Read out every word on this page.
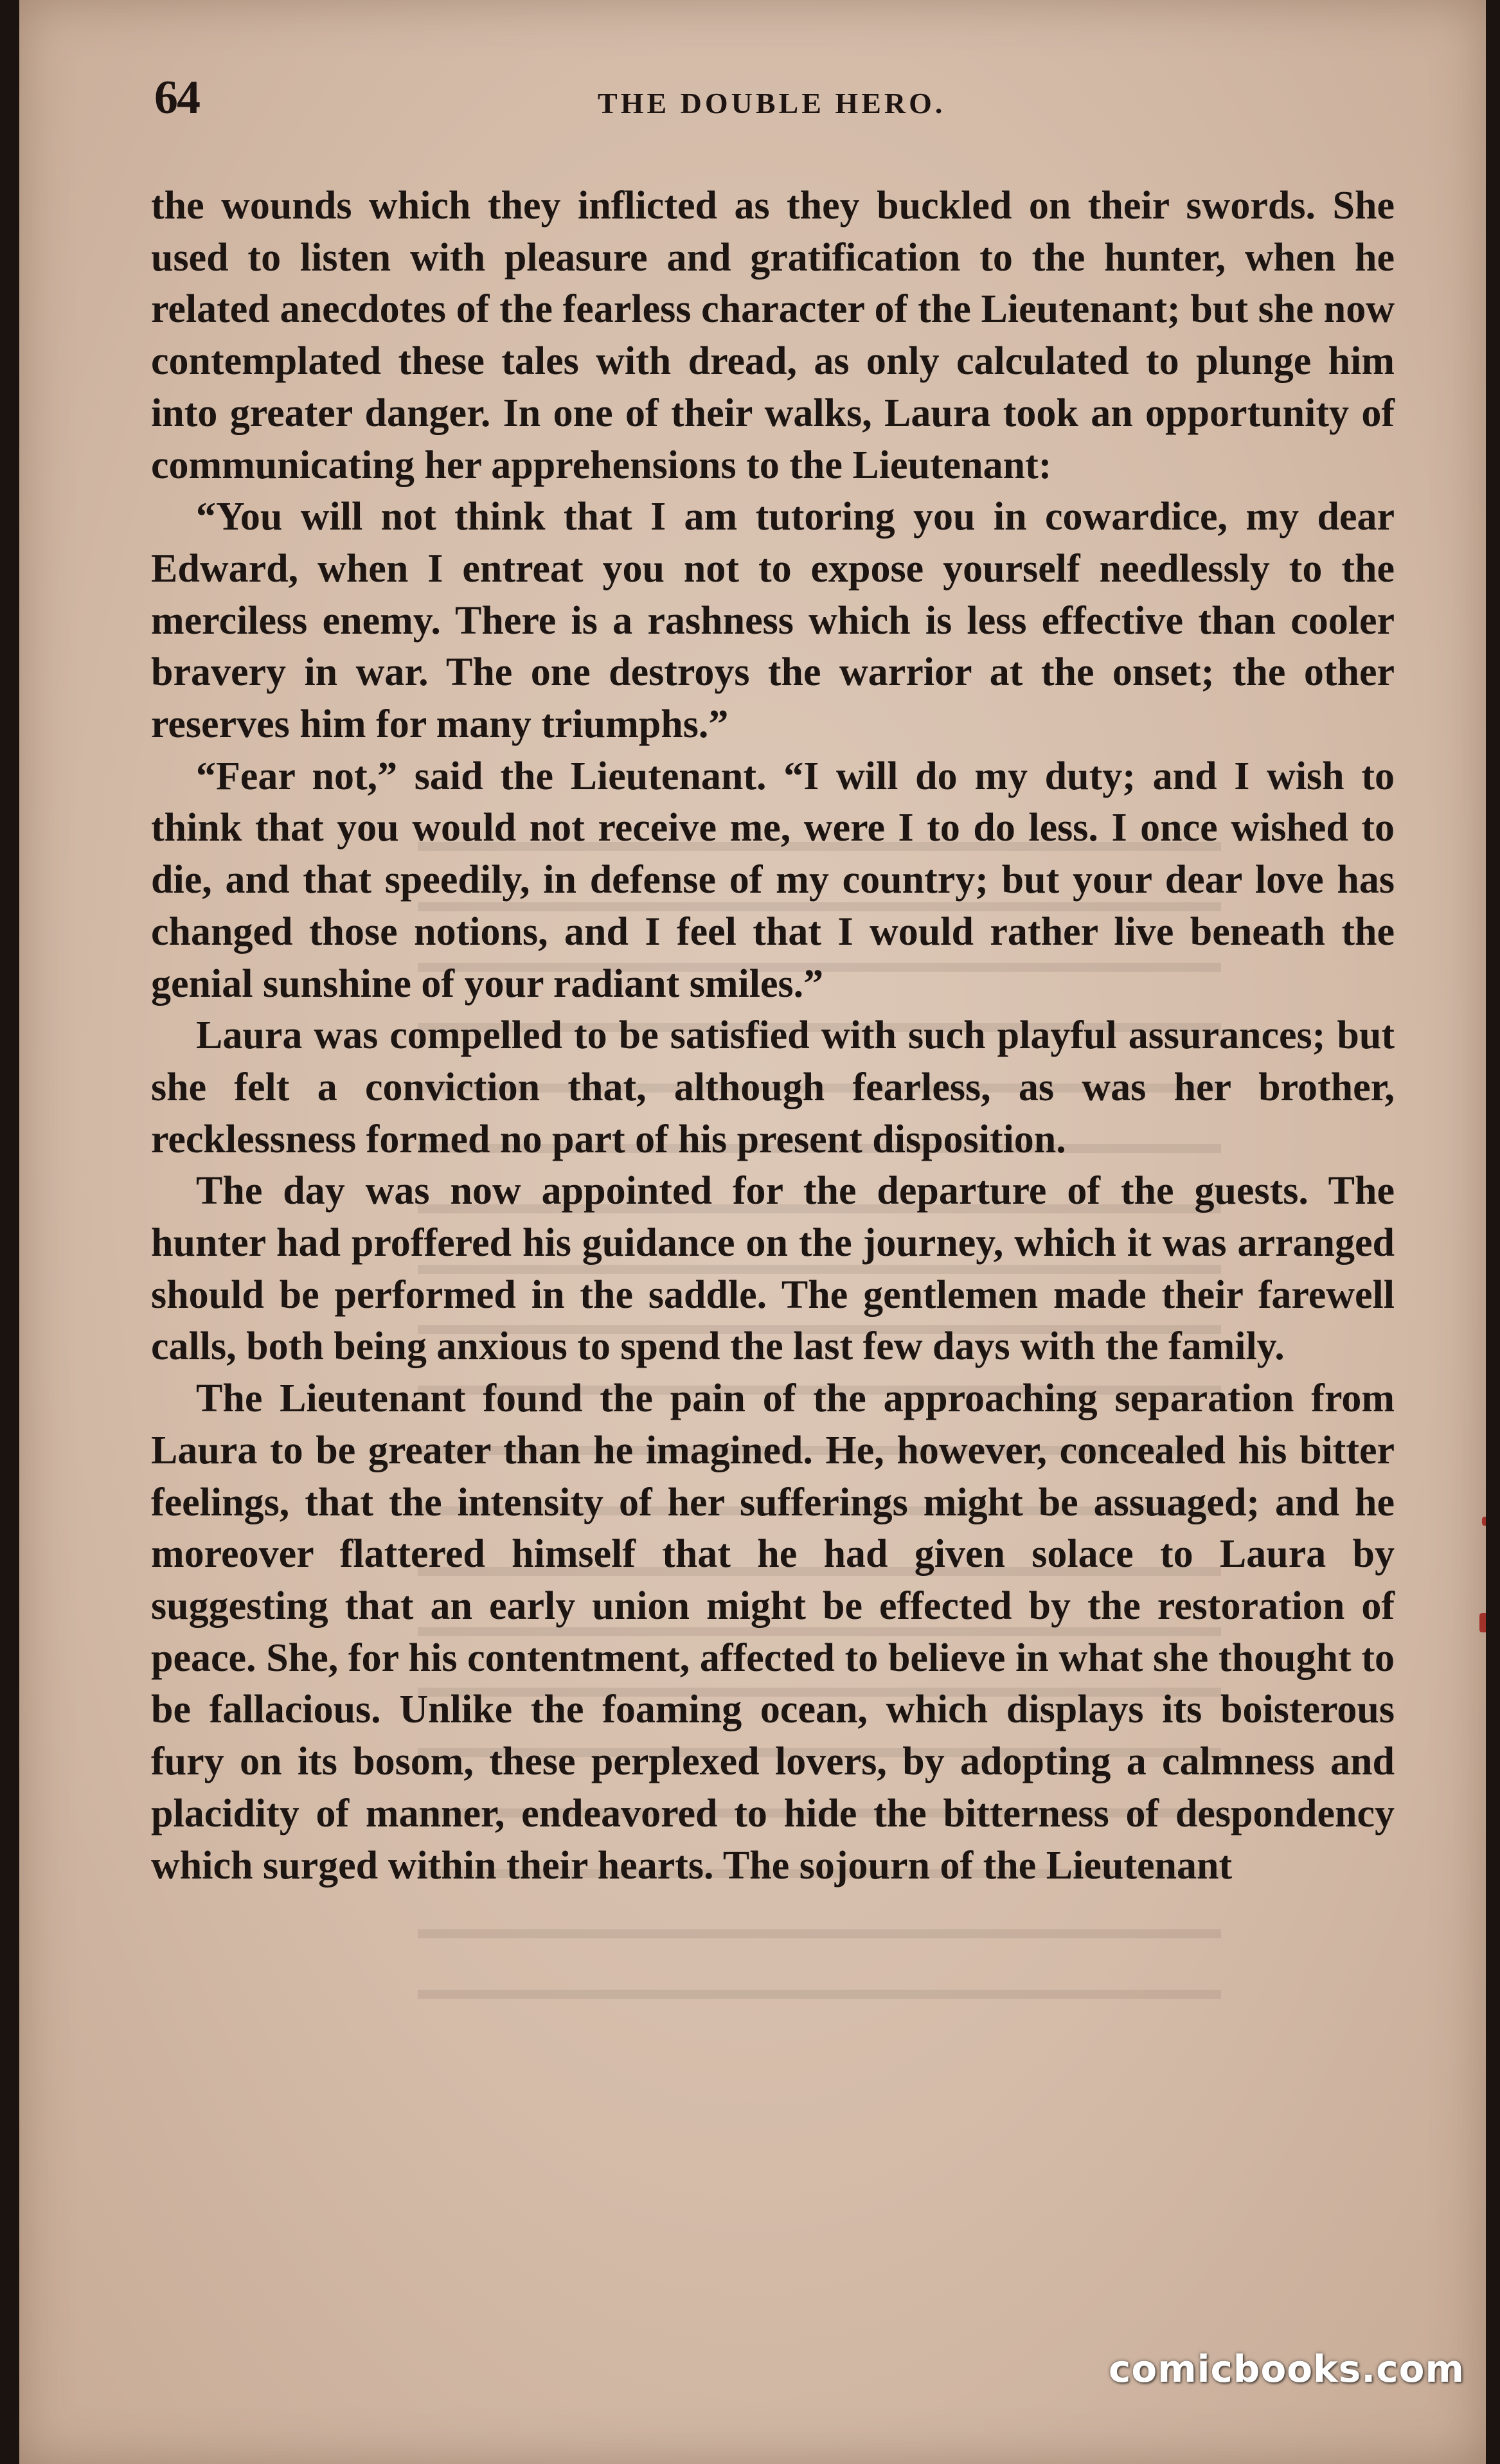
64	THE DOUBLE HERO.

the wounds which they inflicted as they buckled on their swords. She used to listen with pleasure and gratification to the hunter, when he related anecdotes of the fearless character of the Lieutenant; but she now contemplated these tales with dread, as only calculated to plunge him into greater danger. In one of their walks, Laura took an opportunity of communicating her apprehensions to the Lieutenant:

“You will not think that I am tutoring you in cowardice, my dear Edward, when I entreat you not to expose yourself needlessly to the merciless enemy. There is a rashness which is less effective than cooler bravery in war. The one destroys the warrior at the onset; the other reserves him for many triumphs.”

“Fear not,” said the Lieutenant. “I will do my duty; and I wish to think that you would not receive me, were I to do less. I once wished to die, and that speedily, in defense of my country; but your dear love has changed those notions, and I feel that I would rather live beneath the genial sunshine of your radiant smiles.”

Laura was compelled to be satisfied with such playful assurances; but she felt a conviction that, although fearless, as was her brother, recklessness formed no part of his present disposition.

The day was now appointed for the departure of the guests. The hunter had proffered his guidance on the journey, which it was arranged should be performed in the saddle. The gentlemen made their farewell calls, both being anxious to spend the last few days with the family.

The Lieutenant found the pain of the approaching separation from Laura to be greater than he imagined. He, however, concealed his bitter feelings, that the intensity of her sufferings might be assuaged; and he moreover flattered himself that he had given solace to Laura by suggesting that an early union might be effected by the restoration of peace. She, for his contentment, affected to believe in what she thought to be fallacious. Unlike the foaming ocean, which displays its boisterous fury on its bosom, these perplexed lovers, by adopting a calmness and placidity of manner, endeavored to hide the bitterness of despondency which surged within their hearts. The sojourn of the Lieutenant

comicbooks.com
